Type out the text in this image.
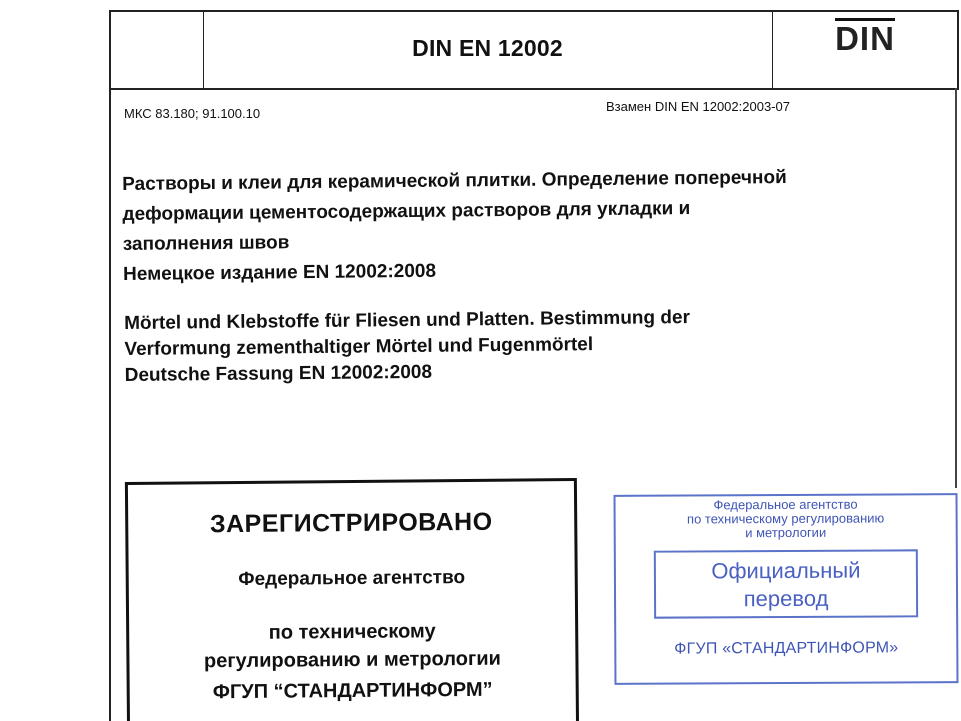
DIN EN 12002	DIN
МКС 83.180; 91.100.10	Взамен DIN EN 12002:2003-07

Растворы и клеи для керамической плитки. Определение поперечной

деформации цементосодержащих растворов для укладки и

заполнения швов

Немецкое издание EN 12002:2008

Mörtel und Klebstoffe für Fliesen und Platten. Bestimmung der

Verformung zementhaltiger Mörtel und Fugenmörtel

Deutsche Fassung EN 12002:2008

ЗАРЕГИСТРИРОВАНО
Федеральное агентство
по техническому
регулированию и метрологии
ФГУП “СТАНДАРТИНФОРМ”
Федеральное агентство
по техническому регулированию
и метрологии
Официальный
перевод
ФГУП «СТАНДАРТИНФОРМ»
